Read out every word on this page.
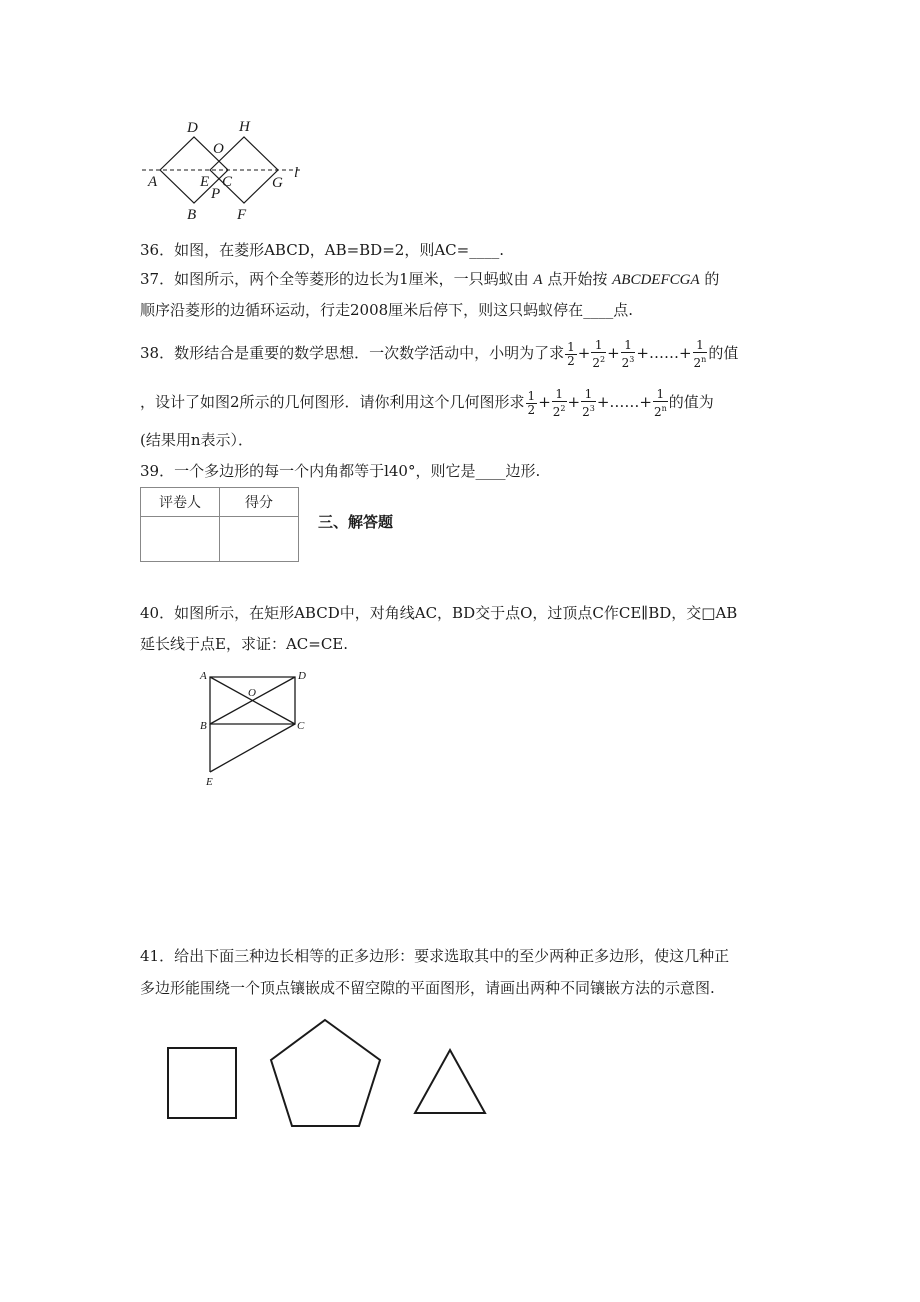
D
O
H
A	E C
P
G
l
B	F
36．如图，在菱形ABCD，AB=BD=2，则AC=____.
37．如图所示，两个全等菱形的边长为1厘米，一只蚂蚁由 A 点开始按 ABCDEFCGA 的
顺序沿菱形的边循环运动，行走2008厘米后停下，则这只蚂蚁停在____点.
38．数形结合是重要的数学思想．一次数学活动中，小明为了求 $\frac{1}{2} + \frac{1}{2^2} + \frac{1}{2^3}$ +……+ $\frac{1}{2^n}$ 的值
，设计了如图2所示的几何图形．请你利用这个几何图形求 $\frac{1}{2} + \frac{1}{2^2} + \frac{1}{2^3}$ +……+ $\frac{1}{2^n}$ 的值为
(结果用n表示）．
39．一个多边形的每一个内角都等于l40°，则它是____边形.
评卷人	得分

三、解答题
40．如图所示，在矩形ABCD中，对角线AC，BD交于点O，过顶点C作CE∥BD，交□AB
延长线于点E，求证：AC=CE.
A	D
O
B	C
E
41．给出下面三种边长相等的正多边形：要求选取其中的至少两种正多边形，使这几种正
多边形能围绕一个顶点镶嵌成不留空隙的平面图形，请画出两种不同镶嵌方法的示意图.
